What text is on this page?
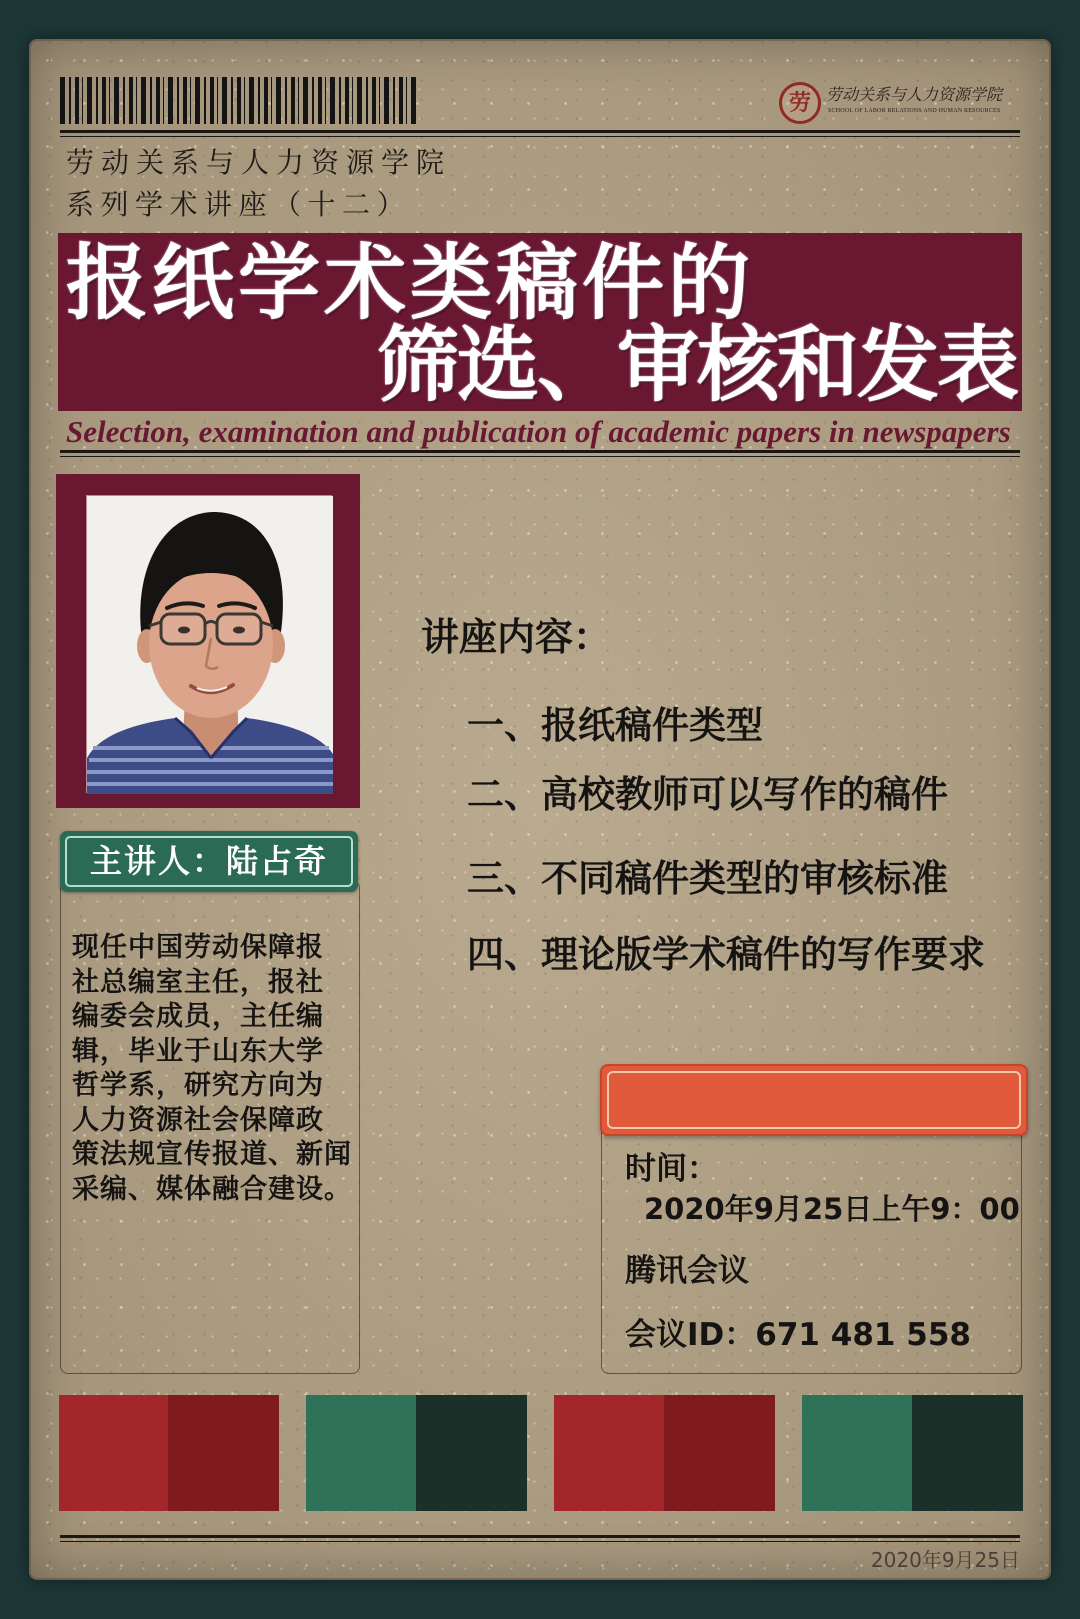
劳 劳动关系与人力资源学院
SCHOOL OF LABOR RELATIONS AND HUMAN RESOURCES
劳动关系与人力资源学院
系列学术讲座（十二）
报纸学术类稿件的
筛选、审核和发表
Selection, examination and publication of academic papers in newspapers
主讲人：陆占奇
现任中国劳动保障报
社总编室主任，报社
编委会成员，主任编
辑，毕业于山东大学
哲学系，研究方向为
人力资源社会保障政
策法规宣传报道、新闻
采编、媒体融合建设。
讲座内容：
一、报纸稿件类型
二、高校教师可以写作的稿件
三、不同稿件类型的审核标准
四、理论版学术稿件的写作要求
时间：
2020年9月25日上午9：00
腾讯会议
会议ID：671 481 558
2020年9月25日
